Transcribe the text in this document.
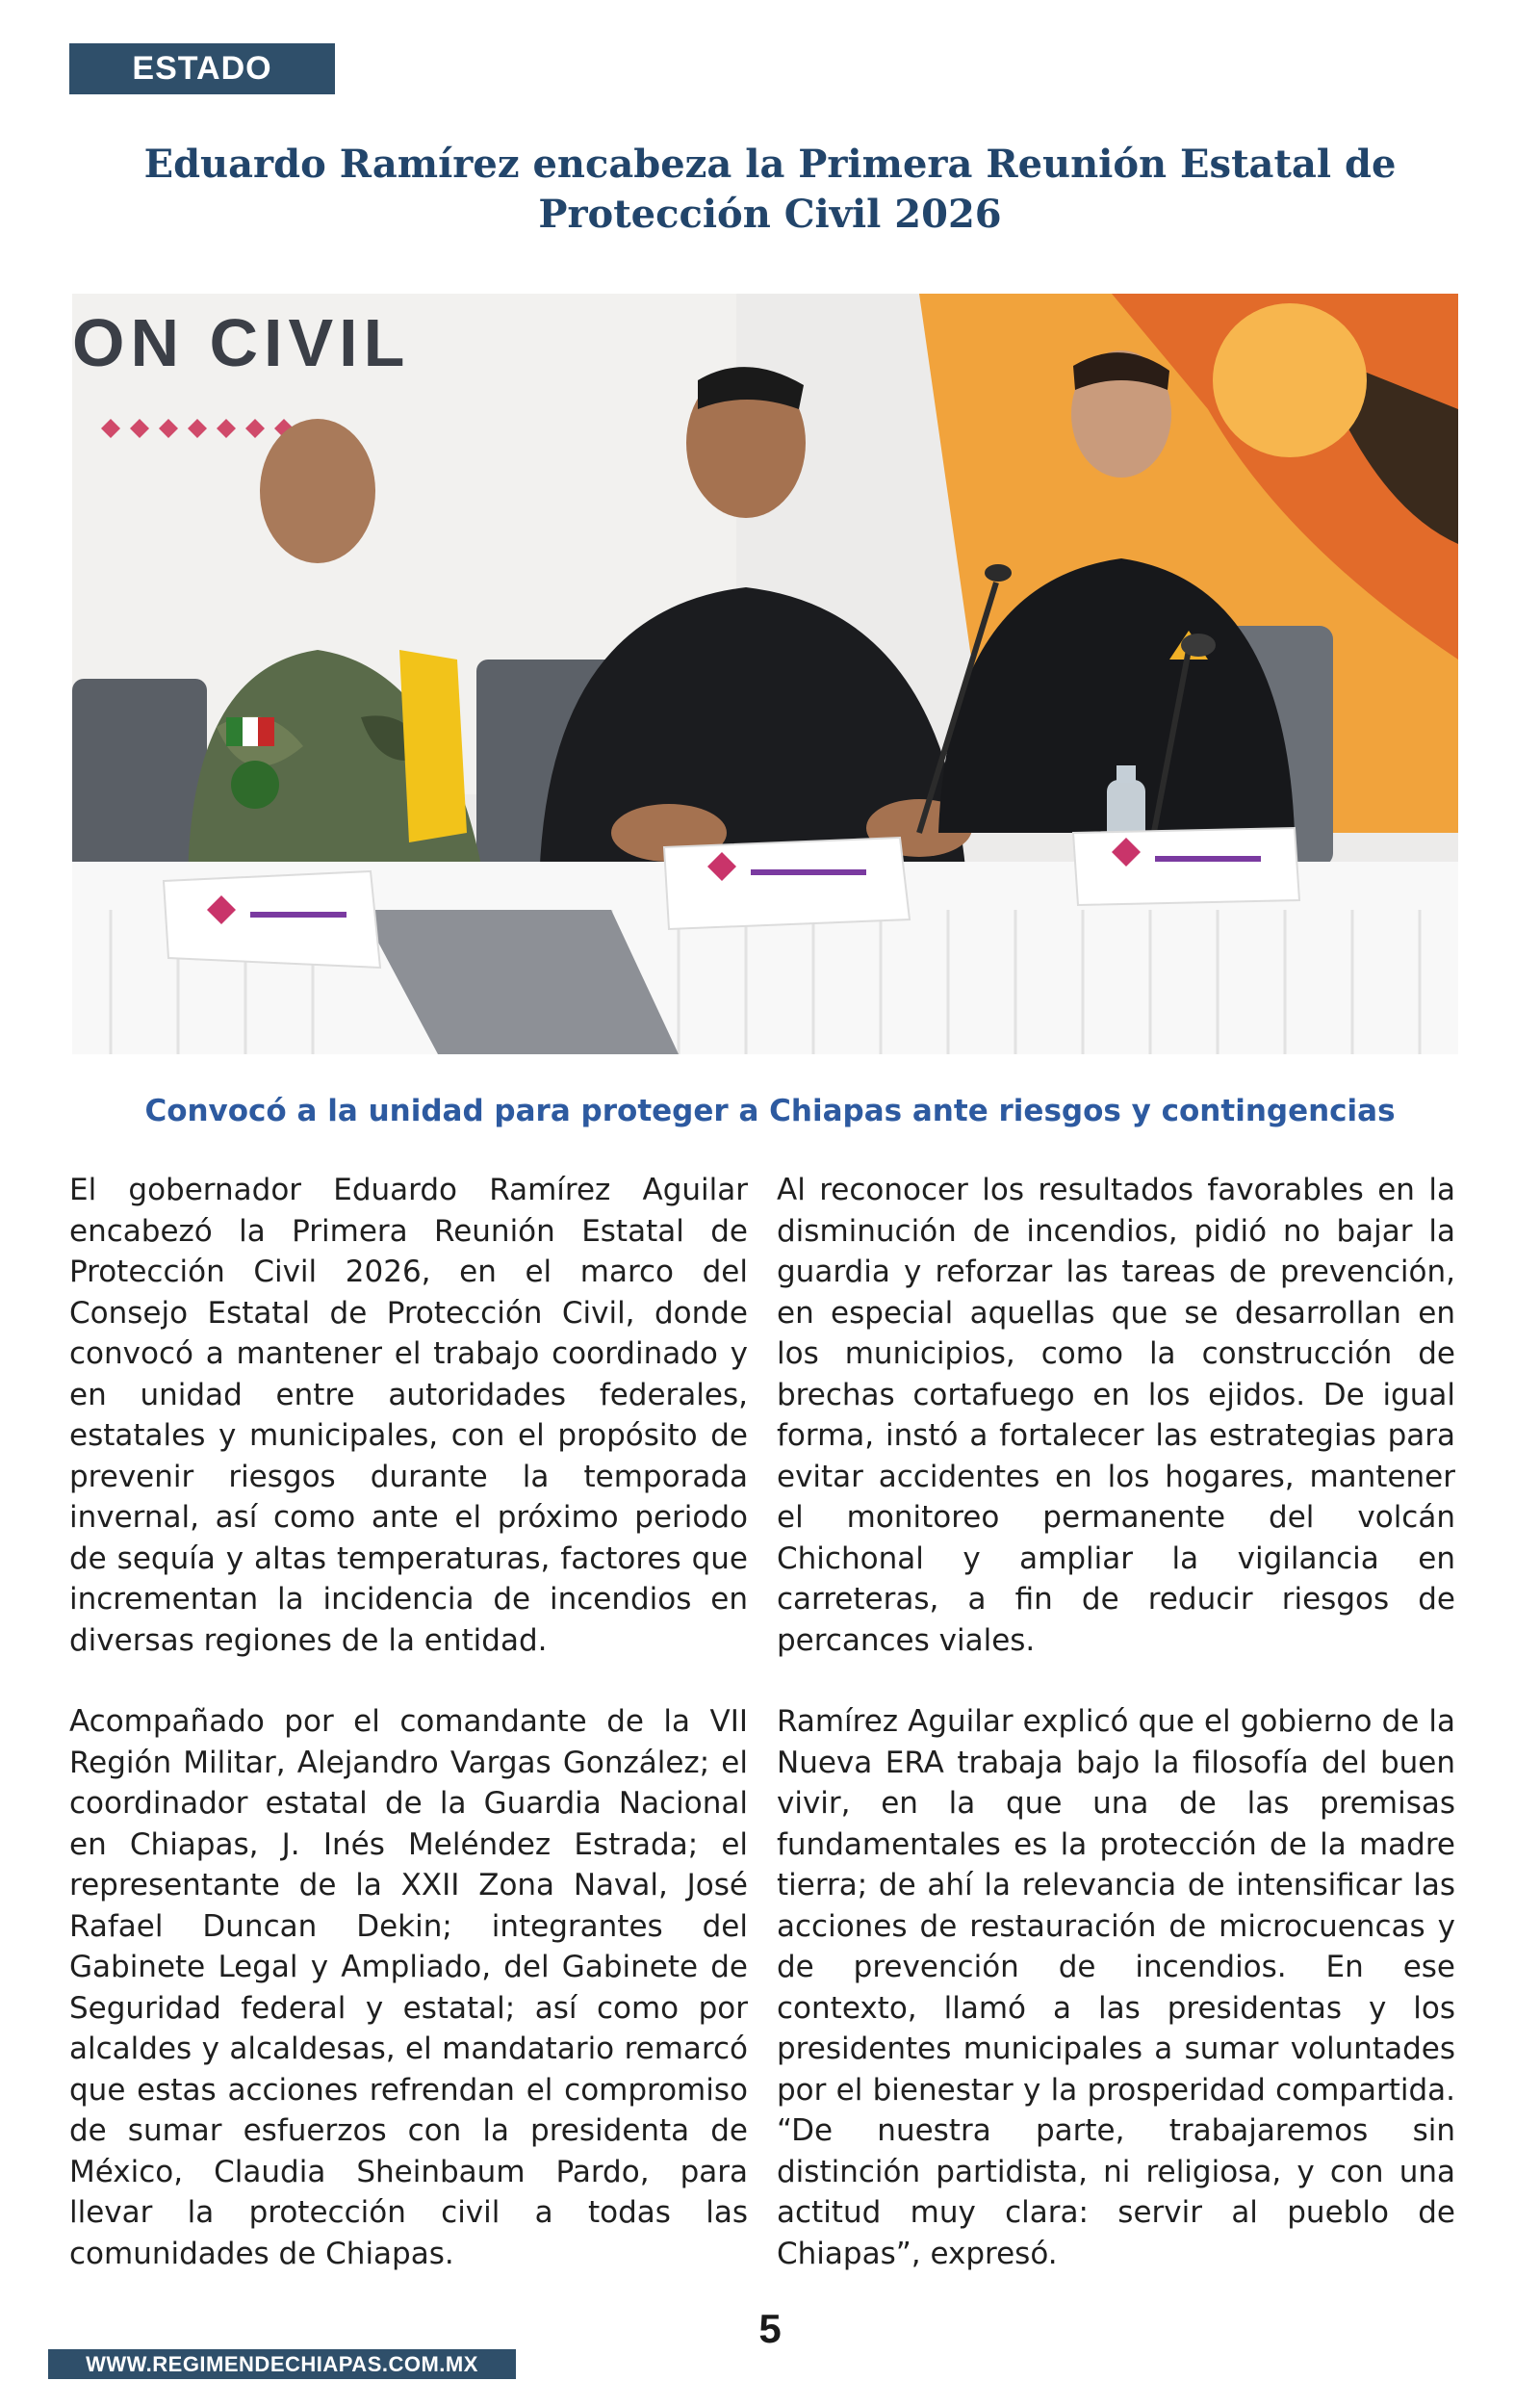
ESTADO
Eduardo Ramírez encabeza la Primera Reunión Estatal de Protección Civil 2026
ON CIVIL

Convocó a la unidad para proteger a Chiapas ante riesgos y contingencias

El gobernador Eduardo Ramírez Aguilar encabezó la Primera Reunión Estatal de Protección Civil 2026, en el marco del Consejo Estatal de Protección Civil, donde convocó a mantener el trabajo coordinado y en unidad entre autoridades federales, estatales y municipales, con el propósito de prevenir riesgos durante la temporada invernal, así como ante el próximo periodo de sequía y altas temperaturas, factores que incrementan la incidencia de incendios en diversas regiones de la entidad.

Acompañado por el comandante de la VII Región Militar, Alejandro Vargas González; el coordinador estatal de la Guardia Nacional en Chiapas, J. Inés Meléndez Estrada; el representante de la XXII Zona Naval, José Rafael Duncan Dekin; integrantes del Gabinete Legal y Ampliado, del Gabinete de Seguridad federal y estatal; así como por alcaldes y alcaldesas, el mandatario remarcó que estas acciones refrendan el compromiso de sumar esfuerzos con la presidenta de México, Claudia Sheinbaum Pardo, para llevar la protección civil a todas las comunidades de Chiapas.

Al reconocer los resultados favorables en la disminución de incendios, pidió no bajar la guardia y reforzar las tareas de prevención, en especial aquellas que se desarrollan en los municipios, como la construcción de brechas cortafuego en los ejidos. De igual forma, instó a fortalecer las estrategias para evitar accidentes en los hogares, mantener el monitoreo permanente del volcán Chichonal y ampliar la vigilancia en carreteras, a fin de reducir riesgos de percances viales.

Ramírez Aguilar explicó que el gobierno de la Nueva ERA trabaja bajo la filosofía del buen vivir, en la que una de las premisas fundamentales es la protección de la madre tierra; de ahí la relevancia de intensificar las acciones de restauración de microcuencas y de prevención de incendios. En ese contexto, llamó a las presidentas y los presidentes municipales a sumar voluntades por el bienestar y la prosperidad compartida. “De nuestra parte, trabajaremos sin distinción partidista, ni religiosa, y con una actitud muy clara: servir al pueblo de Chiapas”, expresó.

5
WWW.REGIMENDECHIAPAS.COM.MX
